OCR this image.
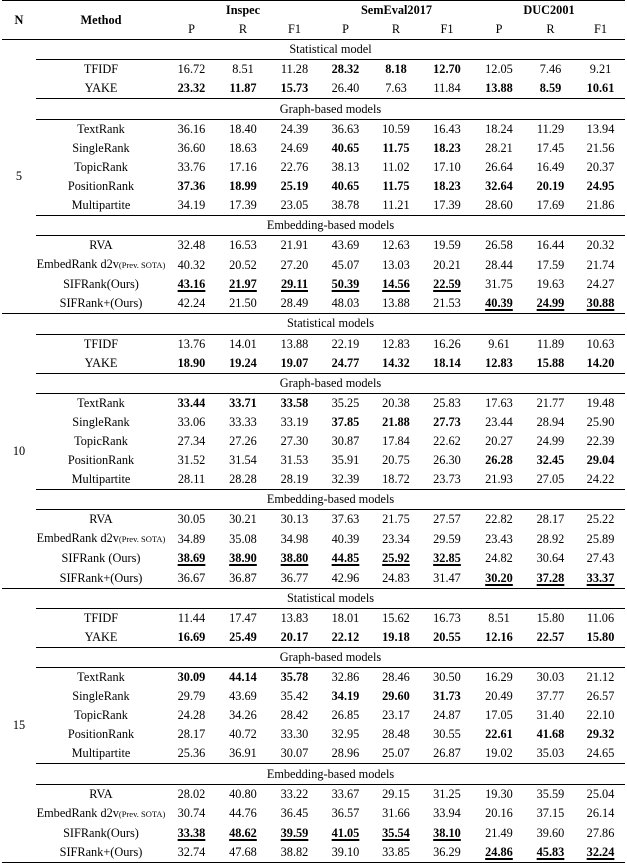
N	Method	Inspec			SemEval2017			DUC2001		
		P	R	F1	P	R	F1	P	R	F1
5	Statistical model									
	TFIDF	16.72	8.51	11.28	28.32	8.18	12.70	12.05	7.46	9.21
	YAKE	23.32	11.87	15.73	26.40	7.63	11.84	13.88	8.59	10.61
	Graph-based models									
	TextRank	36.16	18.40	24.39	36.63	10.59	16.43	18.24	11.29	13.94
	SingleRank	36.60	18.63	24.69	40.65	11.75	18.23	28.21	17.45	21.56
	TopicRank	33.76	17.16	22.76	38.13	11.02	17.10	26.64	16.49	20.37
	PositionRank	37.36	18.99	25.19	40.65	11.75	18.23	32.64	20.19	24.95
	Multipartite	34.19	17.39	23.05	38.78	11.21	17.39	28.60	17.69	21.86
	Embedding-based models									
	RVA	32.48	16.53	21.91	43.69	12.63	19.59	26.58	16.44	20.32
	EmbedRank d2v(Prev. SOTA)	40.32	20.52	27.20	45.07	13.03	20.21	28.44	17.59	21.74
	SIFRank(Ours)	43.16	21.97	29.11	50.39	14.56	22.59	31.75	19.63	24.27
	SIFRank+(Ours)	42.24	21.50	28.49	48.03	13.88	21.53	40.39	24.99	30.88
10	Statistical models									
	TFIDF	13.76	14.01	13.88	22.19	12.83	16.26	9.61	11.89	10.63
	YAKE	18.90	19.24	19.07	24.77	14.32	18.14	12.83	15.88	14.20
	Graph-based models									
	TextRank	33.44	33.71	33.58	35.25	20.38	25.83	17.63	21.77	19.48
	SingleRank	33.06	33.33	33.19	37.85	21.88	27.73	23.44	28.94	25.90
	TopicRank	27.34	27.26	27.30	30.87	17.84	22.62	20.27	24.99	22.39
	PositionRank	31.52	31.54	31.53	35.91	20.75	26.30	26.28	32.45	29.04
	Multipartite	28.11	28.28	28.19	32.39	18.72	23.73	21.93	27.05	24.22
	Embedding-based models									
	RVA	30.05	30.21	30.13	37.63	21.75	27.57	22.82	28.17	25.22
	EmbedRank d2v(Prev. SOTA)	34.89	35.08	34.98	40.39	23.34	29.59	23.43	28.92	25.89
	SIFRank (Ours)	38.69	38.90	38.80	44.85	25.92	32.85	24.82	30.64	27.43
	SIFRank+(Ours)	36.67	36.87	36.77	42.96	24.83	31.47	30.20	37.28	33.37
15	Statistical models									
	TFIDF	11.44	17.47	13.83	18.01	15.62	16.73	8.51	15.80	11.06
	YAKE	16.69	25.49	20.17	22.12	19.18	20.55	12.16	22.57	15.80
	Graph-based models									
	TextRank	30.09	44.14	35.78	32.86	28.46	30.50	16.29	30.03	21.12
	SingleRank	29.79	43.69	35.42	34.19	29.60	31.73	20.49	37.77	26.57
	TopicRank	24.28	34.26	28.42	26.85	23.17	24.87	17.05	31.40	22.10
	PositionRank	28.17	40.72	33.30	32.95	28.48	30.55	22.61	41.68	29.32
	Multipartite	25.36	36.91	30.07	28.96	25.07	26.87	19.02	35.03	24.65
	Embedding-based models									
	RVA	28.02	40.80	33.22	33.67	29.15	31.25	19.30	35.59	25.04
	EmbedRank d2v(Prev. SOTA)	30.74	44.76	36.45	36.57	31.66	33.94	20.16	37.15	26.14
	SIFRank(Ours)	33.38	48.62	39.59	41.05	35.54	38.10	21.49	39.60	27.86
	SIFRank+(Ours)	32.74	47.68	38.82	39.10	33.85	36.29	24.86	45.83	32.24
